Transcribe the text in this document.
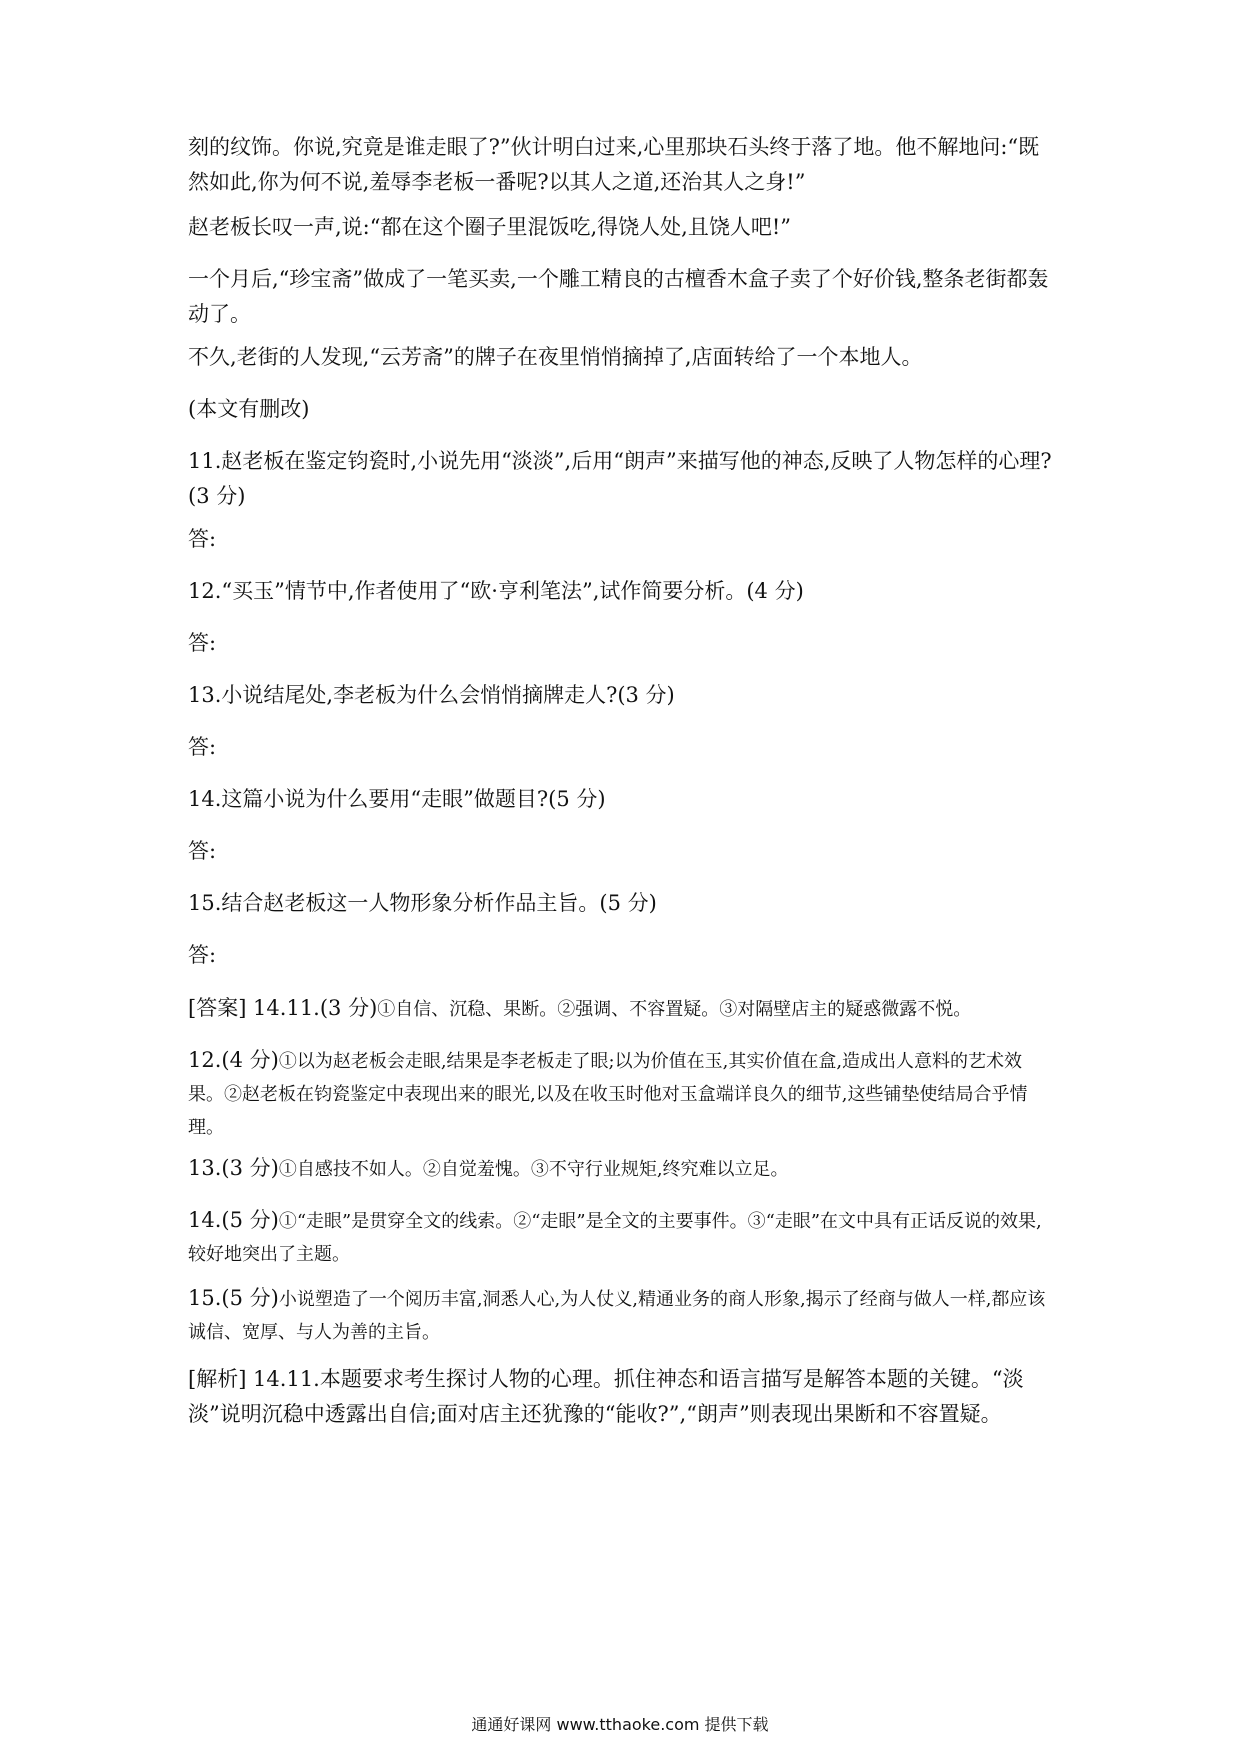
刻的纹饰。你说,究竟是谁走眼了?”伙计明白过来,心里那块石头终于落了地。他不解地问:“既然如此,你为何不说,羞辱李老板一番呢?以其人之道,还治其人之身!”

赵老板长叹一声,说:“都在这个圈子里混饭吃,得饶人处,且饶人吧!”

一个月后,“珍宝斋”做成了一笔买卖,一个雕工精良的古檀香木盒子卖了个好价钱,整条老街都轰动了。

不久,老街的人发现,“云芳斋”的牌子在夜里悄悄摘掉了,店面转给了一个本地人。

(本文有删改)

11.赵老板在鉴定钧瓷时,小说先用“淡淡”,后用“朗声”来描写他的神态,反映了人物怎样的心理?(3 分)

答:

12.“买玉”情节中,作者使用了“欧·亨利笔法”,试作简要分析。(4 分)

答:

13.小说结尾处,李老板为什么会悄悄摘牌走人?(3 分)

答:

14.这篇小说为什么要用“走眼”做题目?(5 分)

答:

15.结合赵老板这一人物形象分析作品主旨。(5 分)

答:

[答案] 14.11.(3 分)①自信、沉稳、果断。②强调、不容置疑。③对隔壁店主的疑惑微露不悦。

12.(4 分)①以为赵老板会走眼,结果是李老板走了眼;以为价值在玉,其实价值在盒,造成出人意料的艺术效果。②赵老板在钧瓷鉴定中表现出来的眼光,以及在收玉时他对玉盒端详良久的细节,这些铺垫使结局合乎情理。

13.(3 分)①自感技不如人。②自觉羞愧。③不守行业规矩,终究难以立足。

14.(5 分)①“走眼”是贯穿全文的线索。②“走眼”是全文的主要事件。③“走眼”在文中具有正话反说的效果,较好地突出了主题。

15.(5 分)小说塑造了一个阅历丰富,洞悉人心,为人仗义,精通业务的商人形象,揭示了经商与做人一样,都应该诚信、宽厚、与人为善的主旨。

[解析] 14.11.本题要求考生探讨人物的心理。抓住神态和语言描写是解答本题的关键。“淡淡”说明沉稳中透露出自信;面对店主还犹豫的“能收?”,“朗声”则表现出果断和不容置疑。

通通好课网 www.tthaoke.com 提供下载
